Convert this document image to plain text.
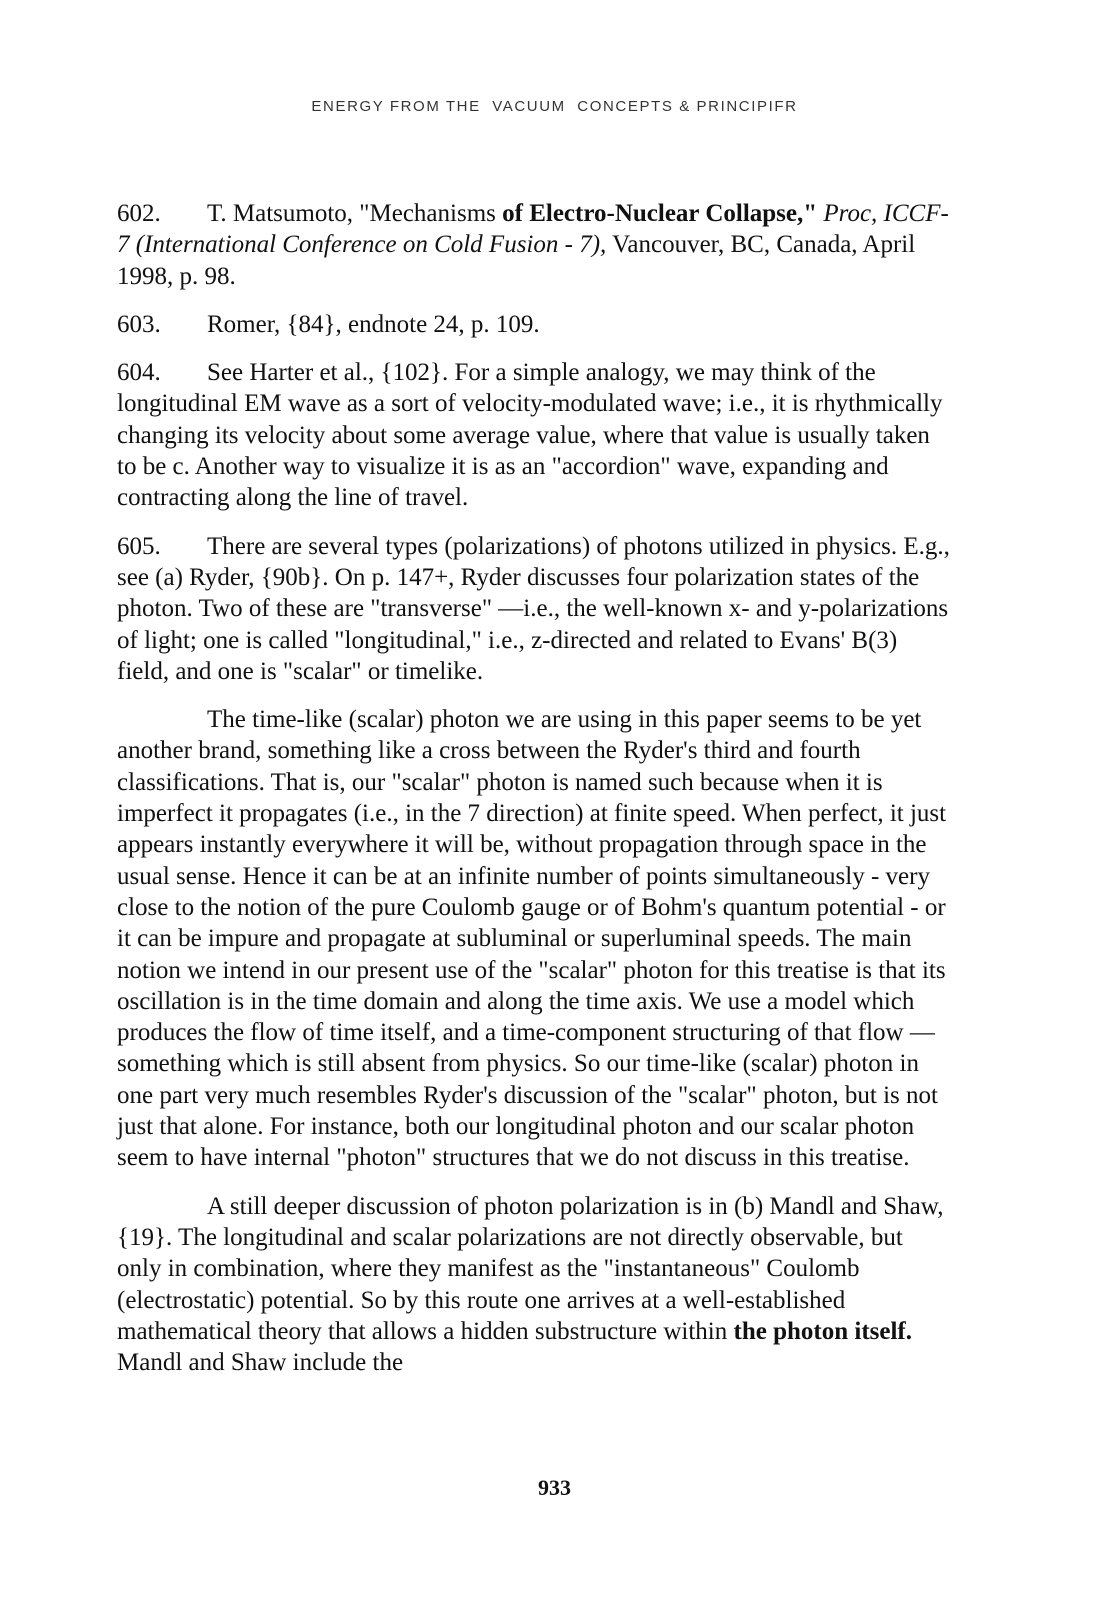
ENERGY FROM THE  VACUUM  CONCEPTS & PRINCIPIFR

602. T. Matsumoto, "Mechanisms of Electro-Nuclear Collapse," Proc, ICCF-7 (International Conference on Cold Fusion - 7), Vancouver, BC, Canada, April 1998, p. 98.

603. Romer, {84}, endnote 24, p. 109.

604. See Harter et al., {102}. For a simple analogy, we may think of the longitudinal EM wave as a sort of velocity-modulated wave; i.e., it is rhythmically changing its velocity about some average value, where that value is usually taken to be c. Another way to visualize it is as an "accordion" wave, expanding and contracting along the line of travel.

605. There are several types (polarizations) of photons utilized in physics. E.g., see (a) Ryder, {90b}. On p. 147+, Ryder discusses four polarization states of the photon. Two of these are "transverse" —i.e., the well-known x- and y-polarizations of light; one is called "longitudinal," i.e., z-directed and related to Evans' B(3) field, and one is "scalar" or timelike.

The time-like (scalar) photon we are using in this paper seems to be yet another brand, something like a cross between the Ryder's third and fourth classifications. That is, our "scalar" photon is named such because when it is imperfect it propagates (i.e., in the 7 direction) at finite speed. When perfect, it just appears instantly everywhere it will be, without propagation through space in the usual sense. Hence it can be at an infinite number of points simultaneously - very close to the notion of the pure Coulomb gauge or of Bohm's quantum potential - or it can be impure and propagate at subluminal or superluminal speeds. The main notion we intend in our present use of the "scalar" photon for this treatise is that its oscillation is in the time domain and along the time axis. We use a model which produces the flow of time itself, and a time-component structuring of that flow — something which is still absent from physics. So our time-like (scalar) photon in one part very much resembles Ryder's discussion of the "scalar" photon, but is not just that alone. For instance, both our longitudinal photon and our scalar photon seem to have internal "photon" structures that we do not discuss in this treatise.

A still deeper discussion of photon polarization is in (b) Mandl and Shaw, {19}. The longitudinal and scalar polarizations are not directly observable, but only in combination, where they manifest as the "instantaneous" Coulomb (electrostatic) potential. So by this route one arrives at a well-established mathematical theory that allows a hidden substructure within the photon itself. Mandl and Shaw include the

933
